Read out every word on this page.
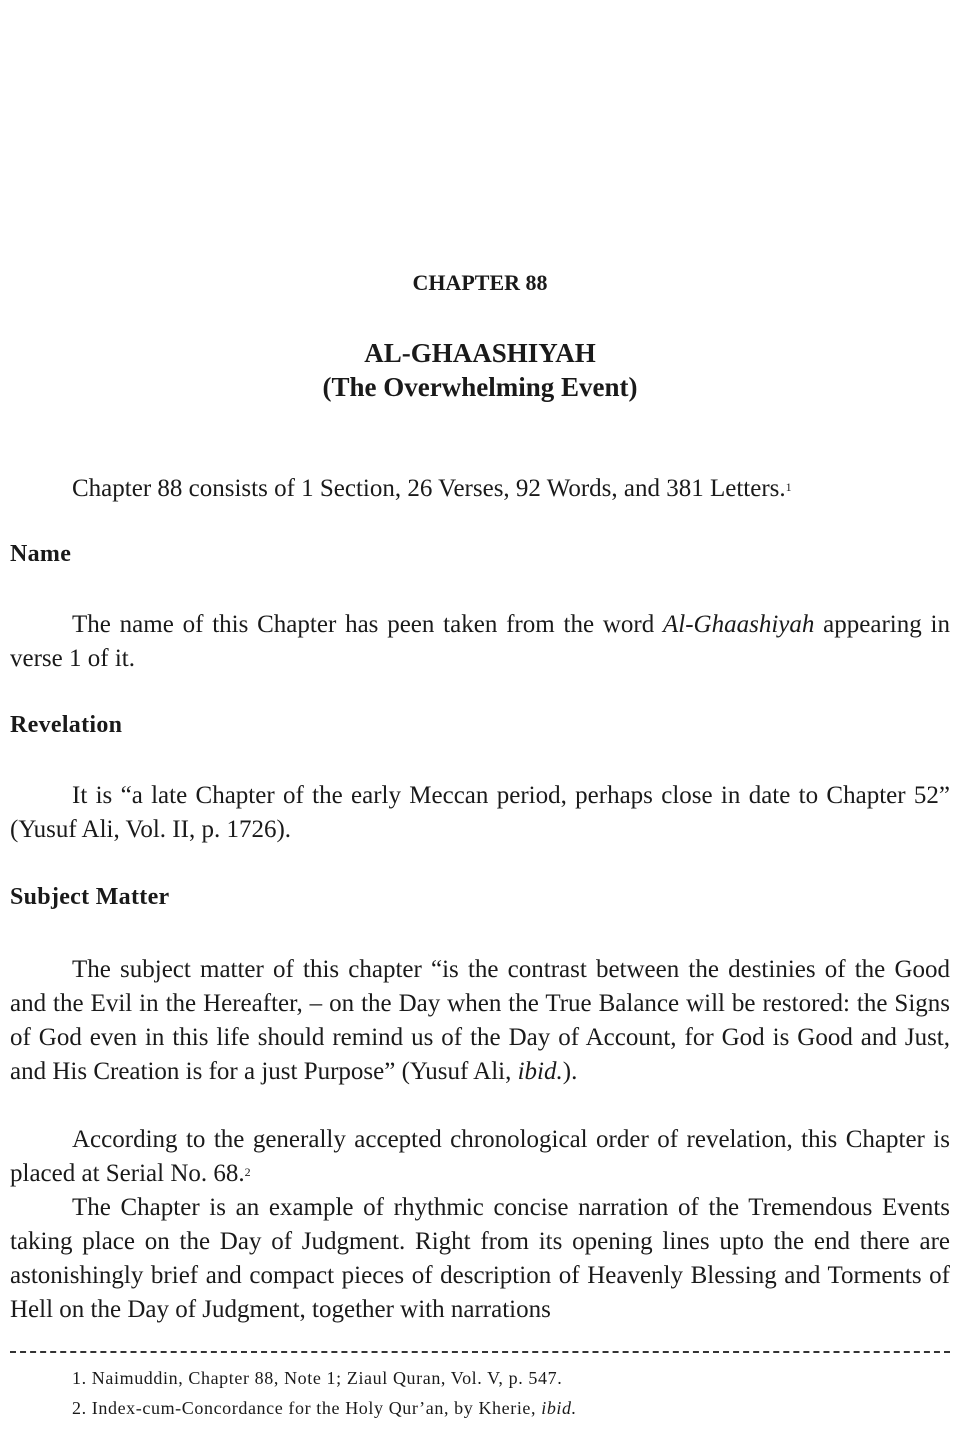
CHAPTER 88
AL-GHAASHIYAH
(The Overwhelming Event)

Chapter 88 consists of 1 Section, 26 Verses, 92 Words, and 381 Letters.$^1$

Name

The name of this Chapter has peen taken from the word Al-Ghaashiyah appearing in verse 1 of it.

Revelation

It is “a late Chapter of the early Meccan period, perhaps close in date to Chapter 52” (Yusuf Ali, Vol. II, p. 1726).

Subject Matter

The subject matter of this chapter “is the contrast between the destinies of the Good and the Evil in the Hereafter, – on the Day when the True Balance will be restored: the Signs of God even in this life should remind us of the Day of Account, for God is Good and Just, and His Creation is for a just Purpose” (Yusuf Ali, ibid.).

According to the generally accepted chronological order of revelation, this Chapter is placed at Serial No. 68.$^2$

The Chapter is an example of rhythmic concise narration of the Tremendous Events taking place on the Day of Judgment. Right from its opening lines upto the end there are astonishingly brief and compact pieces of description of Heavenly Blessing and Torments of Hell on the Day of Judgment, together with narrations

1. Naimuddin, Chapter 88, Note 1; Ziaul Quran, Vol. V, p. 547.
2. Index-cum-Concordance for the Holy Qur’an, by Kherie, ibid.
